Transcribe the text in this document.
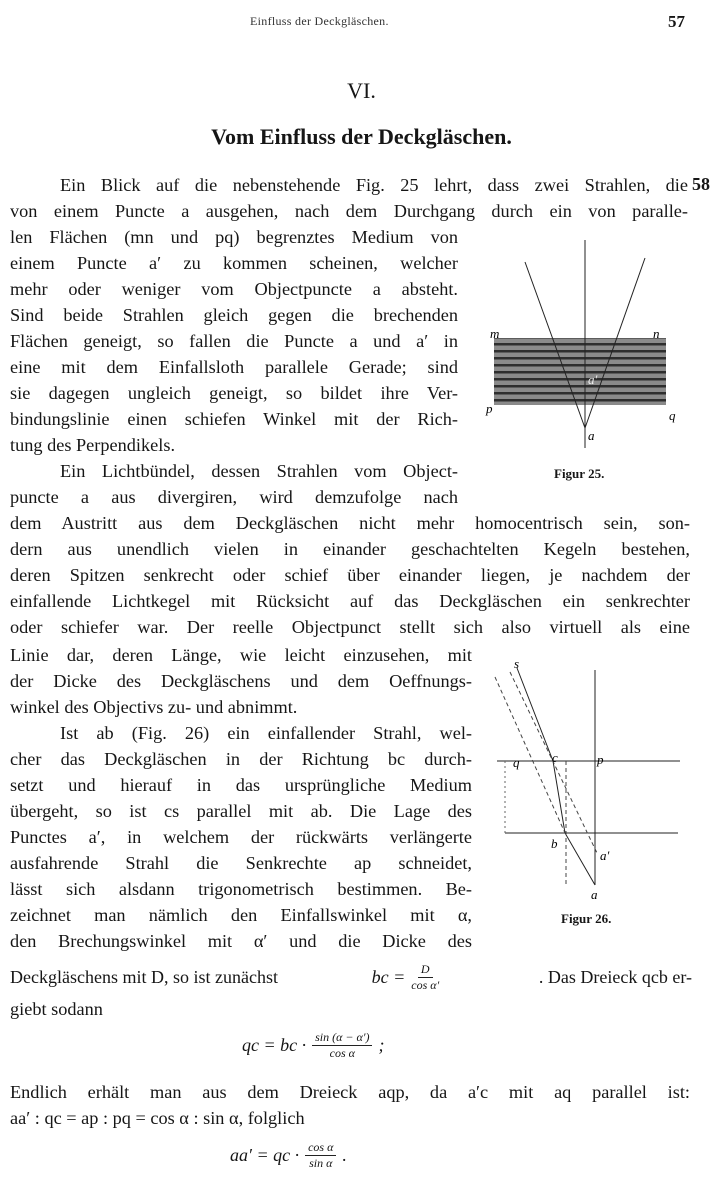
Einfluss der Deckgläschen.	57
VI.
Vom Einfluss der Deckgläschen.
58
Ein Blick auf die nebenstehende Fig. 25 lehrt, dass zwei Strahlen, die
von einem Puncte a ausgehen, nach dem Durchgang durch ein von paralle-
len Flächen (mn und pq) begrenztes Medium von
einem Puncte a′ zu kommen scheinen, welcher
mehr oder weniger vom Objectpuncte a absteht.
Sind beide Strahlen gleich gegen die brechenden
Flächen geneigt, so fallen die Puncte a und a′ in
eine mit dem Einfallsloth parallele Gerade; sind
sie dagegen ungleich geneigt, so bildet ihre Ver-
bindungslinie einen schiefen Winkel mit der Rich-
tung des Perpendikels.
Ein Lichtbündel, dessen Strahlen vom Object-
puncte a aus divergiren, wird demzufolge nach
dem Austritt aus dem Deckgläschen nicht mehr homocentrisch sein, son-
dern aus unendlich vielen in einander geschachtelten Kegeln bestehen,
deren Spitzen senkrecht oder schief über einander liegen, je nachdem der
einfallende Lichtkegel mit Rücksicht auf das Deckgläschen ein senkrechter
oder schiefer war. Der reelle Objectpunct stellt sich also virtuell als eine
Linie dar, deren Länge, wie leicht einzusehen, mit
der Dicke des Deckgläschens und dem Oeffnungs-
winkel des Objectivs zu- und abnimmt.
Ist ab (Fig. 26) ein einfallender Strahl, wel-
cher das Deckgläschen in der Richtung bc durch-
setzt und hierauf in das ursprüngliche Medium
übergeht, so ist cs parallel mit ab. Die Lage des
Punctes a′, in welchem der rückwärts verlängerte
ausfahrende Strahl die Senkrechte ap schneidet,
lässt sich alsdann trigonometrisch bestimmen. Be-
zeichnet man nämlich den Einfallswinkel mit α,
den Brechungswinkel mit α′ und die Dicke des
giebt sodann
Endlich erhält man aus dem Dreieck aqp, da a′c mit aq parallel ist:
aa′ : qc = ap : pq = cos α : sin α, folglich
Deckgläschens mit D, so ist zunächst	bc = $\frac{D}{\text{cos α′}}$	. Das Dreieck qcb er-
qc = bc · $\frac{\sin (\alpha - \alpha')}{\text{cos α}}$ ;
aa′ = qc · $\frac{\text{cos α}}{\text{sin α}}$ .
m	n
p	q
a
a′
s
q	c	p
b
a′
a
Figur 25.
Figur 26.
